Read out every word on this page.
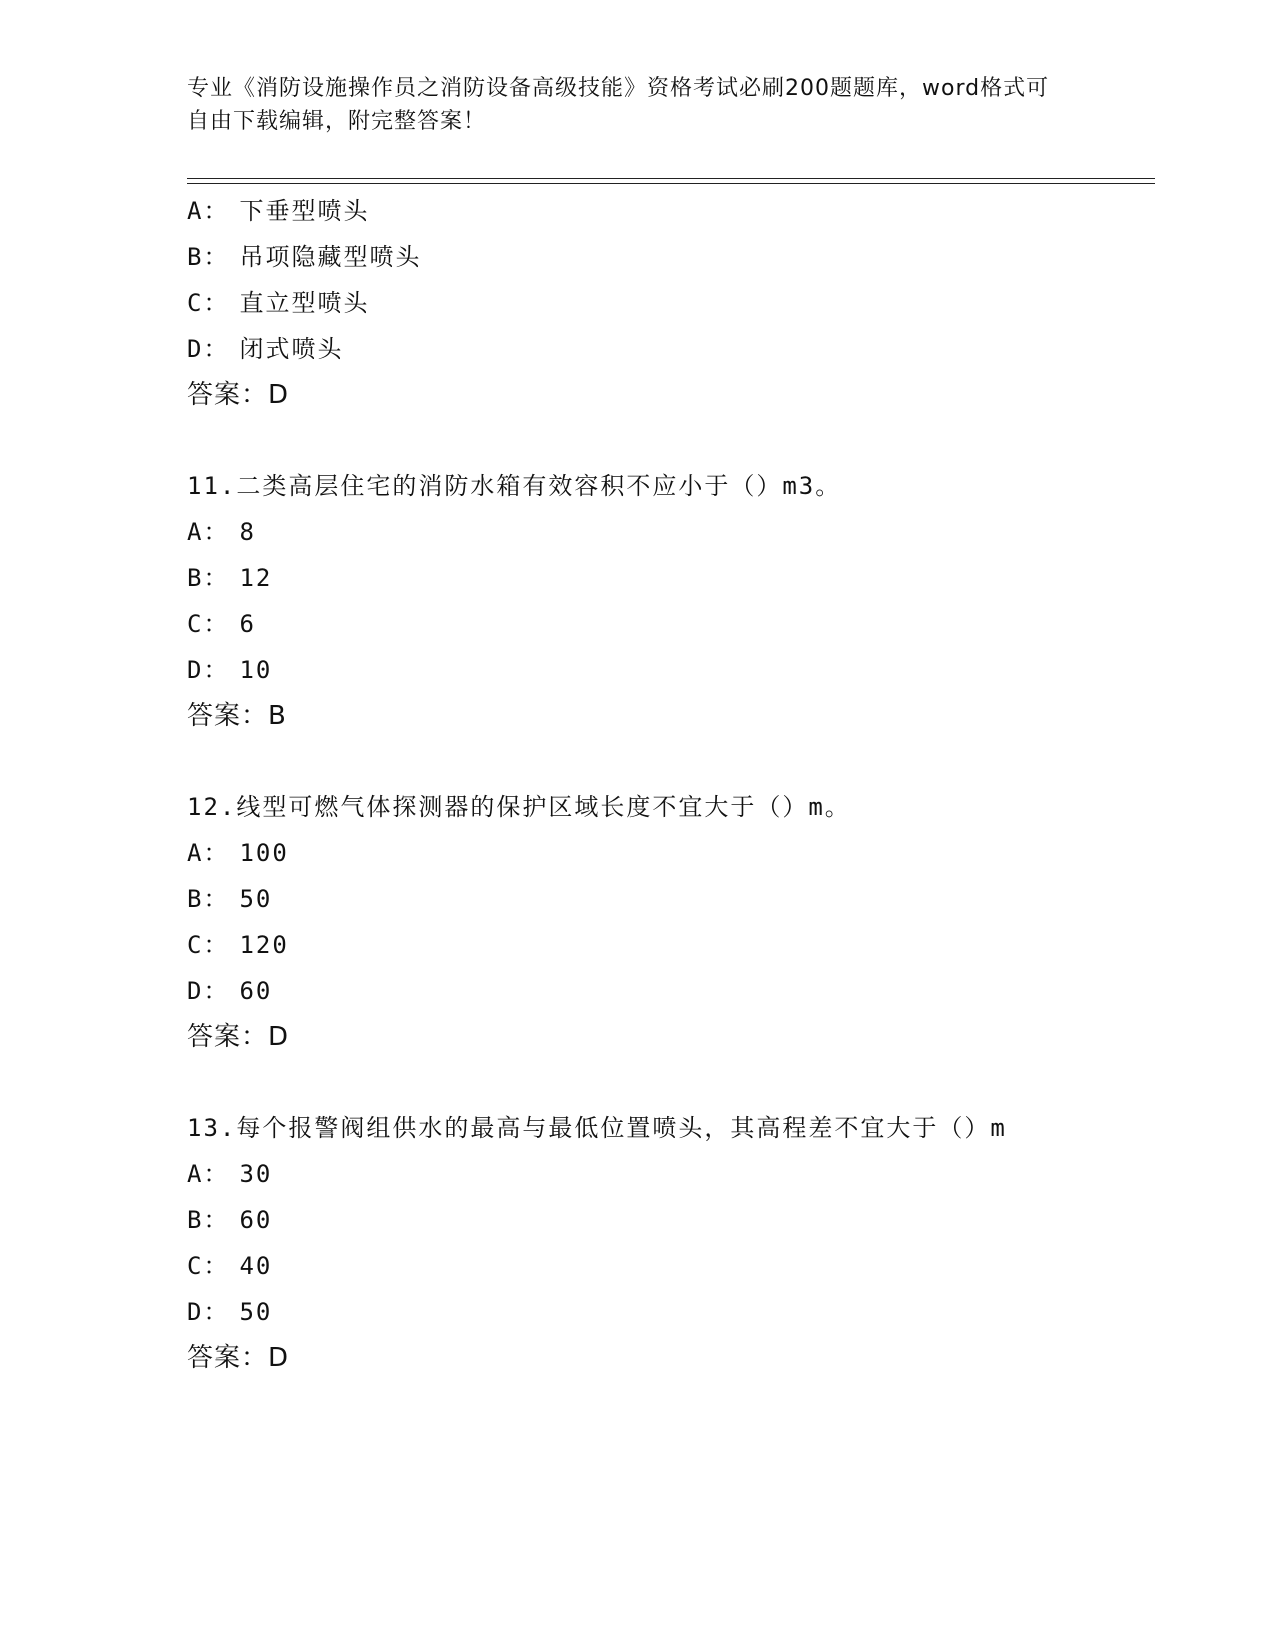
专业《消防设施操作员之消防设备高级技能》资格考试必刷200题题库，word格式可自由下载编辑，附完整答案！
A： 下垂型喷头
B： 吊项隐藏型喷头
C： 直立型喷头
D： 闭式喷头
答案：D
11.二类高层住宅的消防水箱有效容积不应小于（）m3。
A： 8
B： 12
C： 6
D： 10
答案：B
12.线型可燃气体探测器的保护区域长度不宜大于（）m。
A： 100
B： 50
C： 120
D： 60
答案：D
13.每个报警阀组供水的最高与最低位置喷头，其高程差不宜大于（）m
A： 30
B： 60
C： 40
D： 50
答案：D
